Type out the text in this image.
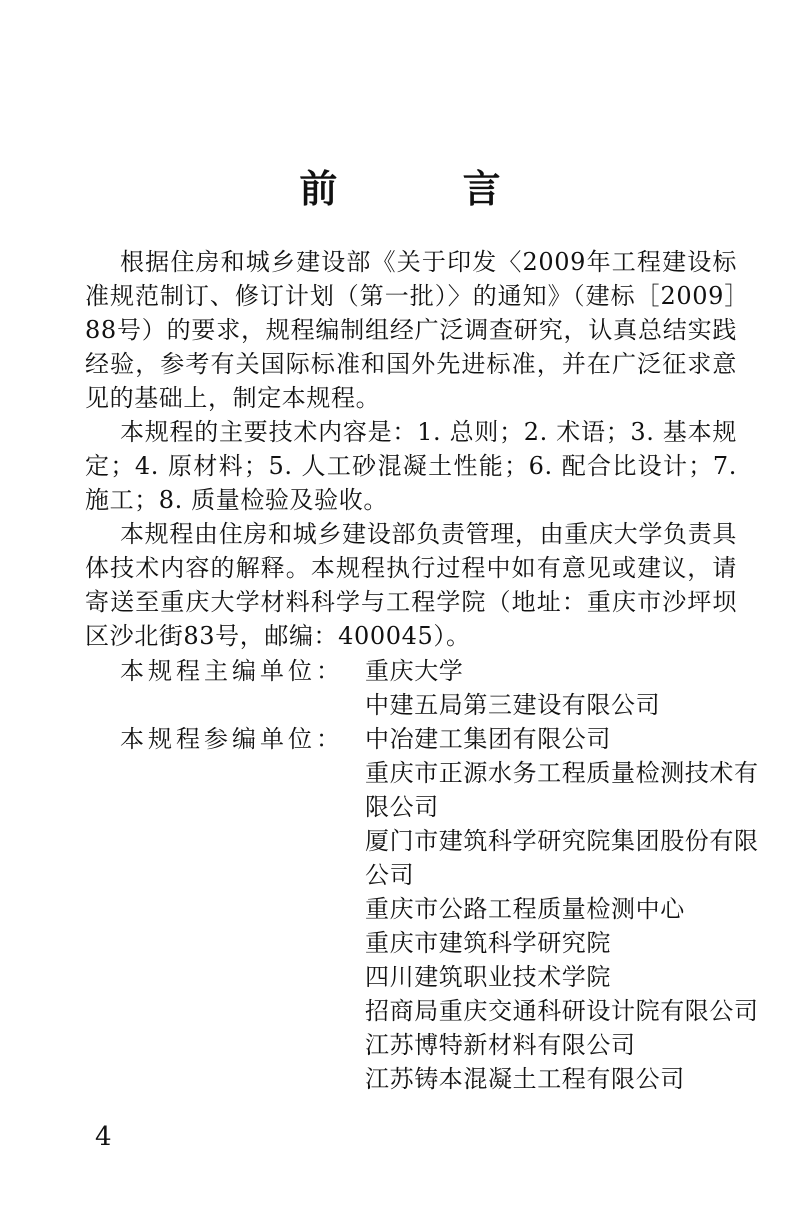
前 言

根据住房和城乡建设部《关于印发〈2009年工程建设标准规范制订、修订计划（第一批）〉的通知》（建标［2009］88号）的要求，规程编制组经广泛调查研究，认真总结实践经验，参考有关国际标准和国外先进标准，并在广泛征求意见的基础上，制定本规程。

本规程的主要技术内容是：1. 总则；2. 术语；3. 基本规定；4. 原材料；5. 人工砂混凝土性能；6. 配合比设计；7. 施工；8. 质量检验及验收。

本规程由住房和城乡建设部负责管理，由重庆大学负责具体技术内容的解释。本规程执行过程中如有意见或建议，请寄送至重庆大学材料科学与工程学院（地址：重庆市沙坪坝区沙北街83号，邮编：400045）。

本规程主编单位： 重庆大学
中建五局第三建设有限公司
本规程参编单位： 中冶建工集团有限公司
重庆市正源水务工程质量检测技术有限公司
厦门市建筑科学研究院集团股份有限公司
重庆市公路工程质量检测中心
重庆市建筑科学研究院
四川建筑职业技术学院
招商局重庆交通科研设计院有限公司
江苏博特新材料有限公司
江苏铸本混凝土工程有限公司
4
